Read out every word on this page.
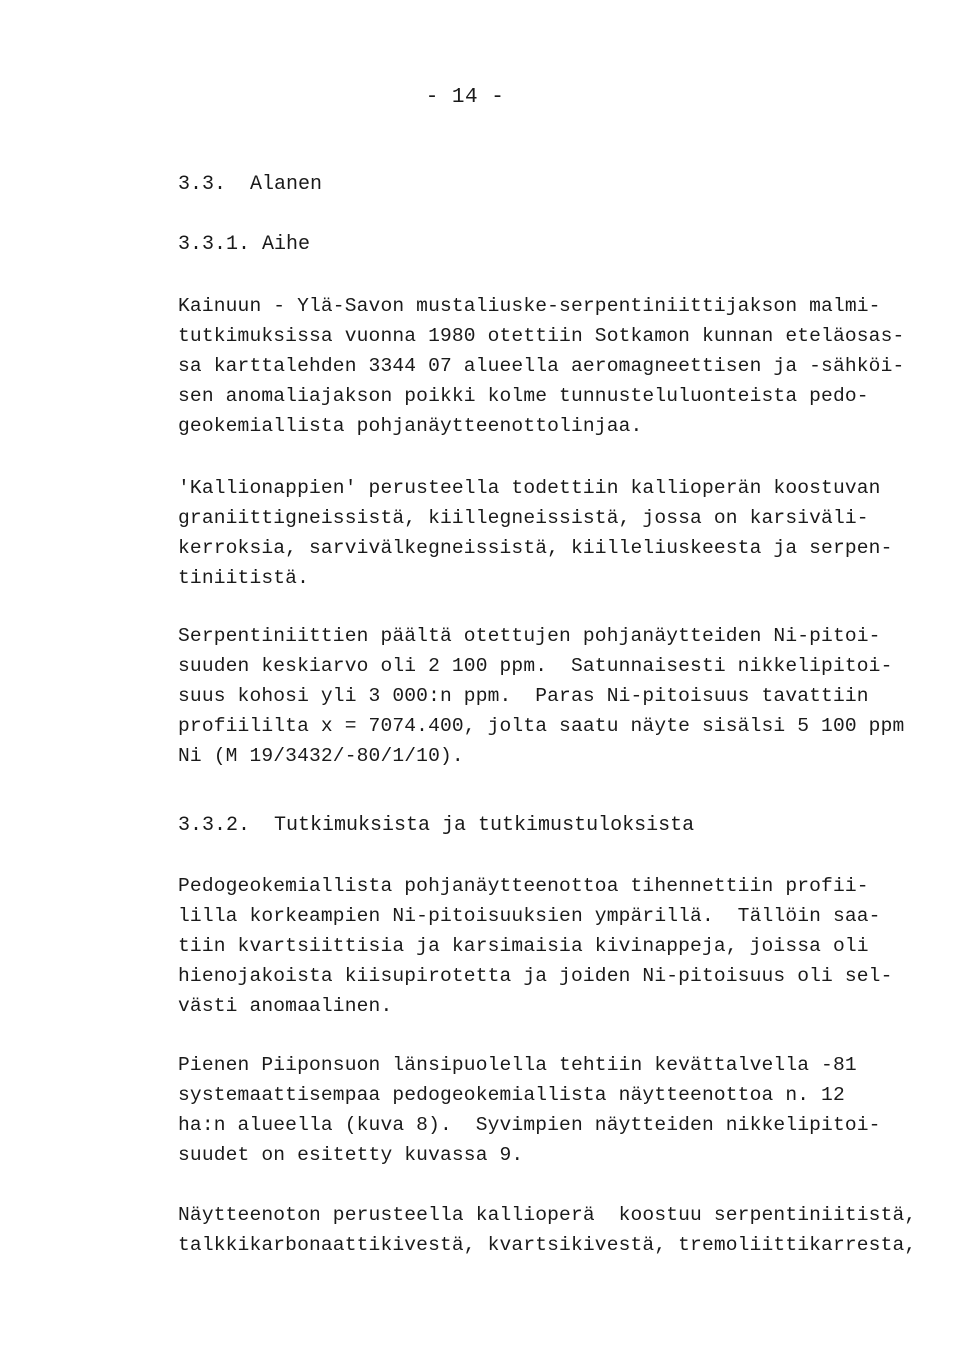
- 14 -
3.3.  Alanen
3.3.1. Aihe
Kainuun - Ylä-Savon mustaliuske-serpentiniittijakson malmi-
tutkimuksissa vuonna 1980 otettiin Sotkamon kunnan eteläosas-
sa karttalehden 3344 07 alueella aeromagneettisen ja -sähköi-
sen anomaliajakson poikki kolme tunnusteluluonteista pedo-
geokemiallista pohjanäytteenottolinjaa.
'Kallionappien' perusteella todettiin kallioperän koostuvan
graniittigneissistä, kiillegneissistä, jossa on karsiväli-
kerroksia, sarvivälkegneissistä, kiilleliuskeesta ja serpen-
tiniitistä.
Serpentiniittien päältä otettujen pohjanäytteiden Ni-pitoi-
suuden keskiarvo oli 2 100 ppm.  Satunnaisesti nikkelipitoi-
suus kohosi yli 3 000:n ppm.  Paras Ni-pitoisuus tavattiin
profiililta x = 7074.400, jolta saatu näyte sisälsi 5 100 ppm
Ni (M 19/3432/-80/1/10).
3.3.2.  Tutkimuksista ja tutkimustuloksista
Pedogeokemiallista pohjanäytteenottoa tihennettiin profii-
lilla korkeampien Ni-pitoisuuksien ympärillä.  Tällöin saa-
tiin kvartsiittisia ja karsimaisia kivinappeja, joissa oli
hienojakoista kiisupirotetta ja joiden Ni-pitoisuus oli sel-
västi anomaalinen.
Pienen Piiponsuon länsipuolella tehtiin kevättalvella -81
systemaattisempaa pedogeokemiallista näytteenottoa n. 12
ha:n alueella (kuva 8).  Syvimpien näytteiden nikkelipitoi-
suudet on esitetty kuvassa 9.
Näytteenoton perusteella kallioperä  koostuu serpentiniitistä,
talkkikarbonaattikivestä, kvartsikivestä, tremoliittikarresta,
